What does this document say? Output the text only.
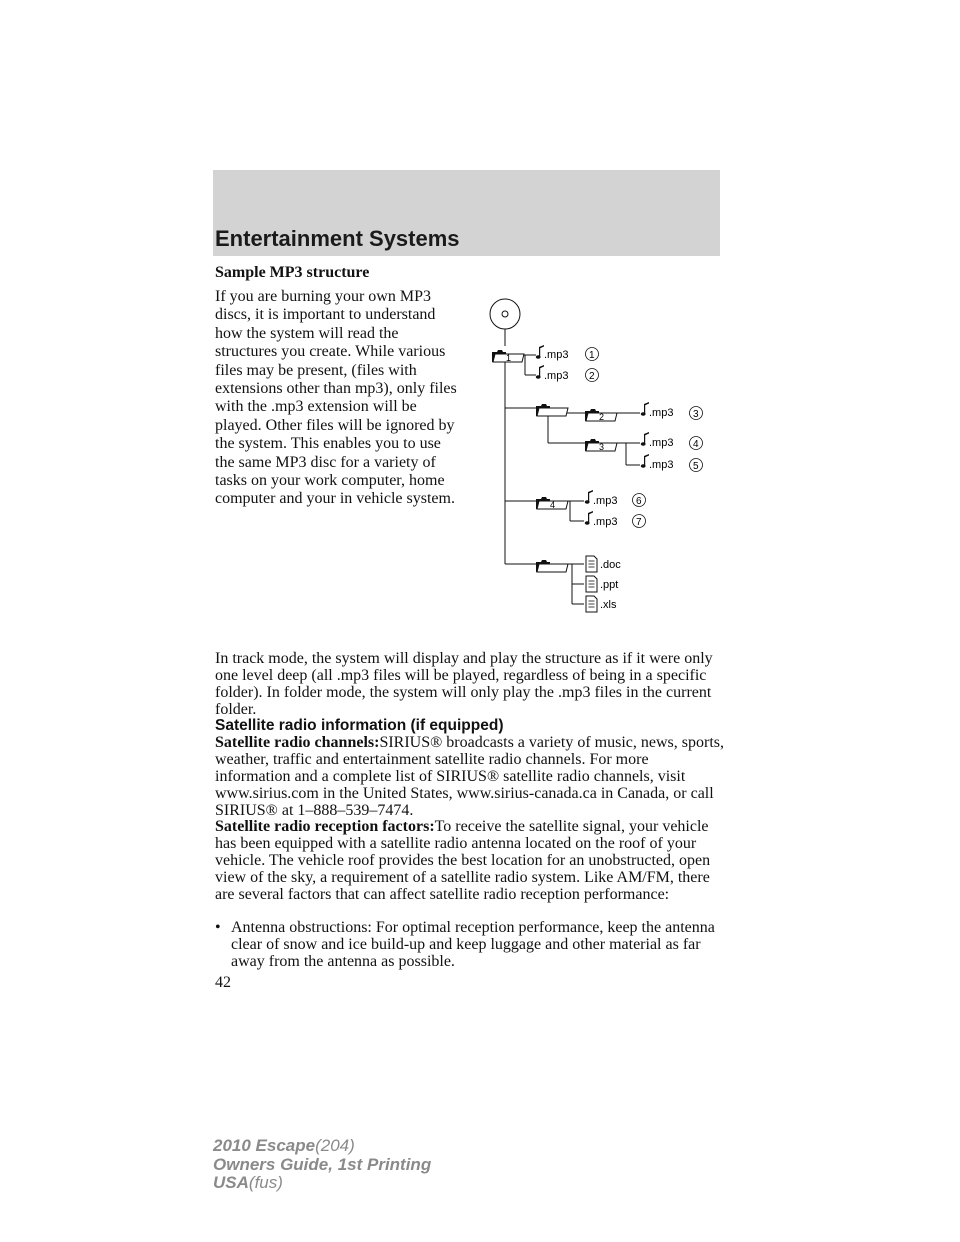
Entertainment Systems
Sample MP3 structure
If you are burning your own MP3 discs, it is important to understand how the system will read the structures you create. While various files may be present, (files with extensions other than mp3), only files with the .mp3 extension will be played. Other files will be ignored by the system. This enables you to use the same MP3 disc for a variety of tasks on your work computer, home computer and your in vehicle system.
1	.mp3 1
.mp3 2
2	.mp3 3
3	.mp3 4
.mp3 5
4	.mp3 6
.mp3 7
.doc
.ppt
.xls
In track mode, the system will display and play the structure as if it were only one level deep (all .mp3 files will be played, regardless of being in a specific folder). In folder mode, the system will only play the .mp3 files in the current folder.
Satellite radio information (if equipped)
Satellite radio channels:SIRIUS® broadcasts a variety of music, news, sports, weather, traffic and entertainment satellite radio channels. For more information and a complete list of SIRIUS® satellite radio channels, visit www.sirius.com in the United States, www.sirius-canada.ca in Canada, or call SIRIUS® at 1–888–539–7474.
Satellite radio reception factors:To receive the satellite signal, your vehicle has been equipped with a satellite radio antenna located on the roof of your vehicle. The vehicle roof provides the best location for an unobstructed, open view of the sky, a requirement of a satellite radio system. Like AM/FM, there are several factors that can affect satellite radio reception performance:
• Antenna obstructions: For optimal reception performance, keep the antenna clear of snow and ice build-up and keep luggage and other material as far away from the antenna as possible.
42
2010 Escape(204)
Owners Guide, 1st Printing
USA(fus)
